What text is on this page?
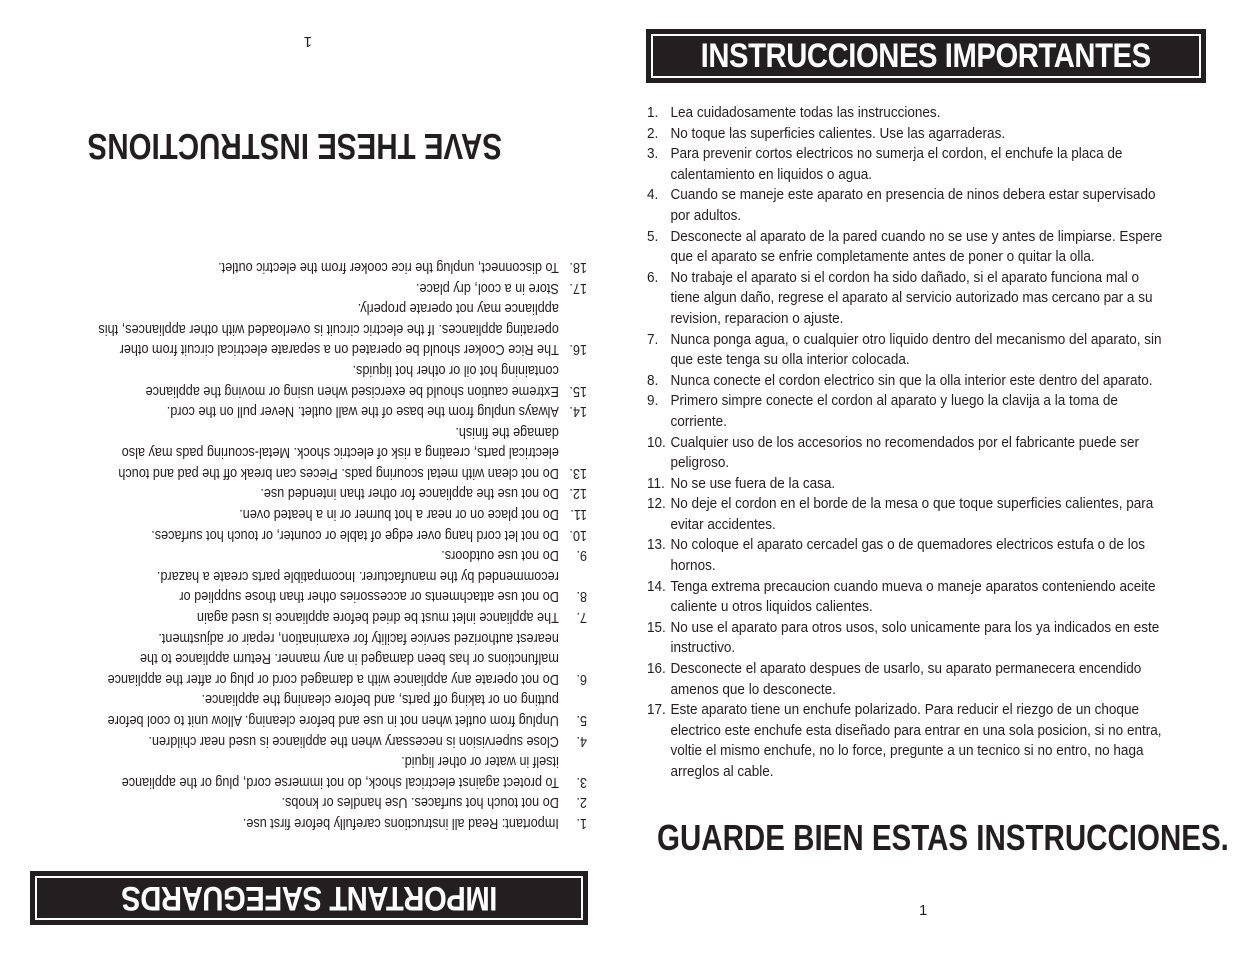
IMPORTANT SAFEGUARDS
1.
Important: Read all instructions carefully before first use.
2.
Do not touch hot surfaces. Use handles or knobs.
3.
To protect against electrical shock, do not immerse cord, plug or the appliance itself in water or other liquid.
4.
Close supervision is necessary when the appliance is used near children.
5.
Unplug from outlet when not in use and before cleaning. Allow unit to cool before putting on or taking off parts, and before cleaning the appliance.
6.
Do not operate any appliance with a damaged cord or plug or after the appliance malfunctions or has been damaged in any manner. Return appliance to the nearest authorized service facility for examination, repair or adjustment.
7.
The appliance inlet must be dried before appliance is used again
8.
Do not use attachments or accessories other than those supplied or recommended by the manufacturer. Incompatible parts create a hazard.
9.
Do not use outdoors.
10.
Do not let cord hang over edge of table or counter, or touch hot surfaces.
11.
Do not place on or near a hot burner or in a heated oven.
12.
Do not use the appliance for other than intended use.
13.
Do not clean with metal scouring pads. Pieces can break off the pad and touch electrical parts, creating a risk of electric shock. Metal-scouring pads may also damage the finish.
14.
Always unplug from the base of the wall outlet. Never pull on the cord.
15.
Extreme caution should be exercised when using or moving the appliance containing hot oil or other hot liquids.
16.
The Rice Cooker should be operated on a separate electrical circuit from other operating appliances. If the electric circuit is overloaded with other appliances, this appliance may not operate properly.
17.
Store in a cool, dry place.
18.
To disconnect, unplug the rice cooker from the electric outlet.
SAVE THESE INSTRUCTIONS
1	INSTRUCCIONES IMPORTANTES
1. Lea cuidadosamente todas las instrucciones.
2. No toque las superficies calientes. Use las agarraderas.
3. Para prevenir cortos electricos no sumerja el cordon, el enchufe la placa de calentamiento en liquidos o agua.
4. Cuando se maneje este aparato en presencia de ninos debera estar supervisado por adultos.
5. Desconecte al aparato de la pared cuando no se use y antes de limpiarse. Espere que el aparato se enfrie completamente antes de poner o quitar la olla.
6. No trabaje el aparato si el cordon ha sido dañado, si el aparato funciona mal o tiene algun daño, regrese el aparato al servicio autorizado mas cercano par a su revision, reparacion o ajuste.
7. Nunca ponga agua, o cualquier otro liquido dentro del mecanismo del aparato, sin que este tenga su olla interior colocada.
8. Nunca conecte el cordon electrico sin que la olla interior este dentro del aparato.
9. Primero simpre conecte el cordon al aparato y luego la clavija a la toma de corriente.
10. Cualquier uso de los accesorios no recomendados por el fabricante puede ser peligroso.
11. No se use fuera de la casa.
12. No deje el cordon en el borde de la mesa o que toque superficies calientes, para evitar accidentes.
13. No coloque el aparato cercadel gas o de quemadores electricos estufa o de los hornos.
14. Tenga extrema precaucion cuando mueva o maneje aparatos conteniendo aceite caliente u otros liquidos calientes.
15. No use el aparato para otros usos, solo unicamente para los ya indicados en este instructivo.
16. Desconecte el aparato despues de usarlo, su aparato permanecera encendido amenos que lo desconecte.
17. Este aparato tiene un enchufe polarizado. Para reducir el riezgo de un choque electrico este enchufe esta diseñado para entrar en una sola posicion, si no entra, voltie el mismo enchufe, no lo force, pregunte a un tecnico si no entro, no haga arreglos al cable.
GUARDE BIEN ESTAS INSTRUCCIONES.
1
